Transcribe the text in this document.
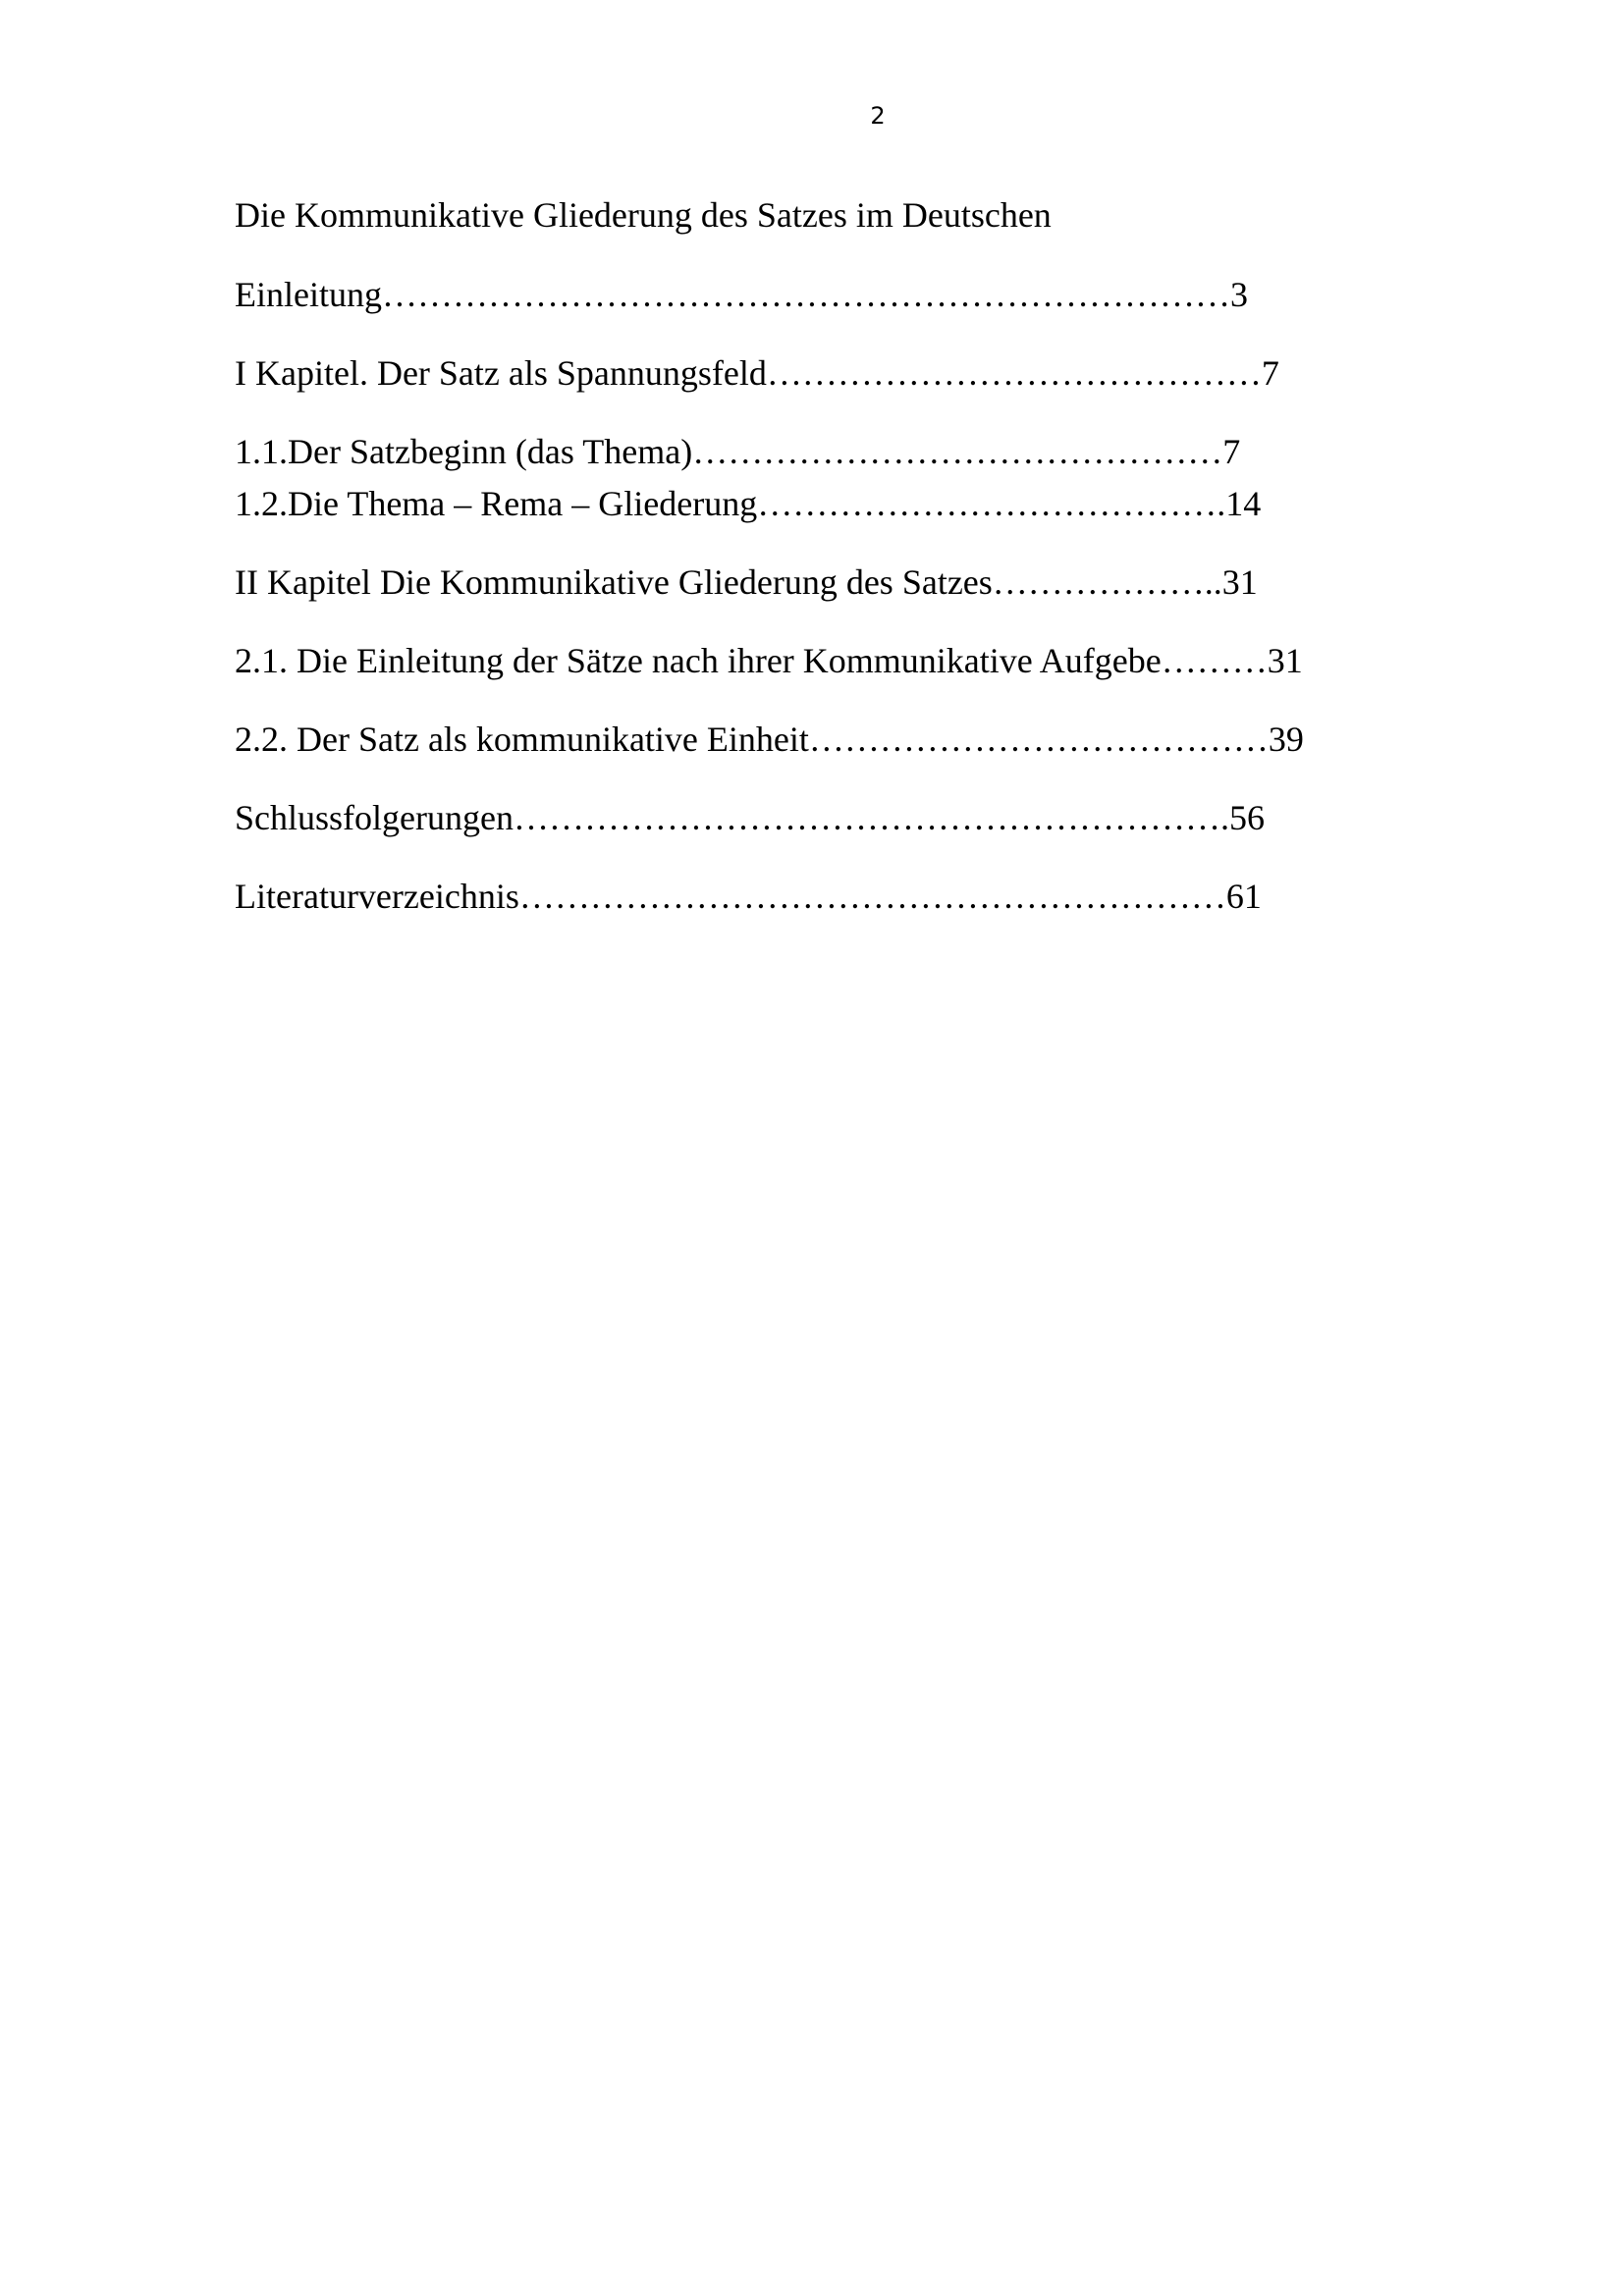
2
Die Kommunikative Gliederung des Satzes im Deutschen
Einleitung………………………………………………………………3
I Kapitel. Der Satz als Spannungsfeld……………………………………7
1.1.Der Satzbeginn (das Thema)………………………………………7
1.2.Die Thema – Rema – Gliederung………………………………….14
II Kapitel Die Kommunikative Gliederung des Satzes………………..31
2.1. Die Einleitung der Sätze nach ihrer Kommunikative Aufgebe………31
2.2. Der Satz als kommunikative Einheit…………………………………39
Schlussfolgerungen…………………………………………………….56
Literaturverzeichnis……………………………………………………61
